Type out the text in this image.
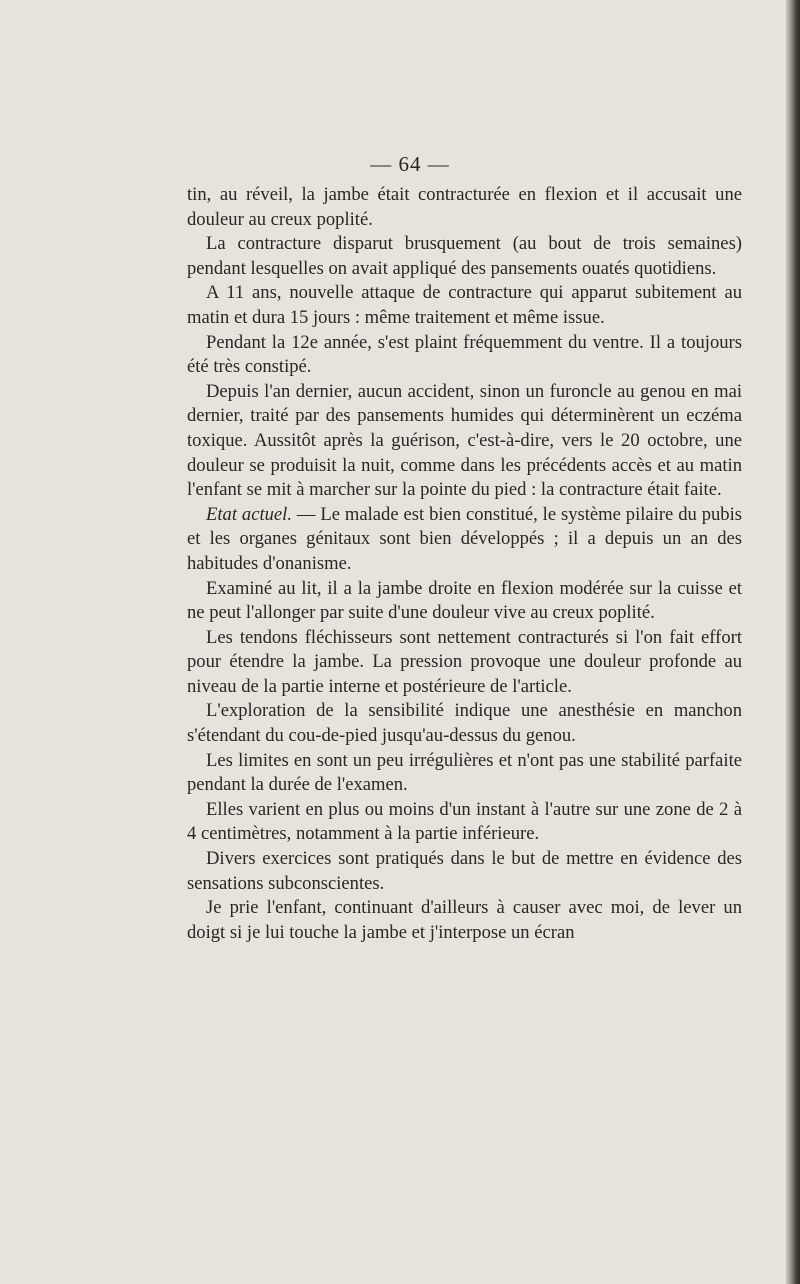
— 64 —

tin, au réveil, la jambe était contracturée en flexion et il accusait une douleur au creux poplité.

La contracture disparut brusquement (au bout de trois semaines) pendant lesquelles on avait appliqué des pansements ouatés quotidiens.

A 11 ans, nouvelle attaque de contracture qui apparut subitement au matin et dura 15 jours : même traitement et même issue.

Pendant la 12e année, s'est plaint fréquemment du ventre. Il a toujours été très constipé.

Depuis l'an dernier, aucun accident, sinon un furoncle au genou en mai dernier, traité par des pansements humides qui déterminèrent un eczéma toxique. Aussitôt après la guérison, c'est-à-dire, vers le 20 octobre, une douleur se produisit la nuit, comme dans les précédents accès et au matin l'enfant se mit à marcher sur la pointe du pied : la contracture était faite.

Etat actuel. — Le malade est bien constitué, le système pilaire du pubis et les organes génitaux sont bien développés ; il a depuis un an des habitudes d'onanisme.

Examiné au lit, il a la jambe droite en flexion modérée sur la cuisse et ne peut l'allonger par suite d'une douleur vive au creux poplité.

Les tendons fléchisseurs sont nettement contracturés si l'on fait effort pour étendre la jambe. La pression provoque une douleur profonde au niveau de la partie interne et postérieure de l'article.

L'exploration de la sensibilité indique une anesthésie en manchon s'étendant du cou-de-pied jusqu'au-dessus du genou.

Les limites en sont un peu irrégulières et n'ont pas une stabilité parfaite pendant la durée de l'examen.

Elles varient en plus ou moins d'un instant à l'autre sur une zone de 2 à 4 centimètres, notamment à la partie inférieure.

Divers exercices sont pratiqués dans le but de mettre en évidence des sensations subconscientes.

Je prie l'enfant, continuant d'ailleurs à causer avec moi, de lever un doigt si je lui touche la jambe et j'interpose un écran
